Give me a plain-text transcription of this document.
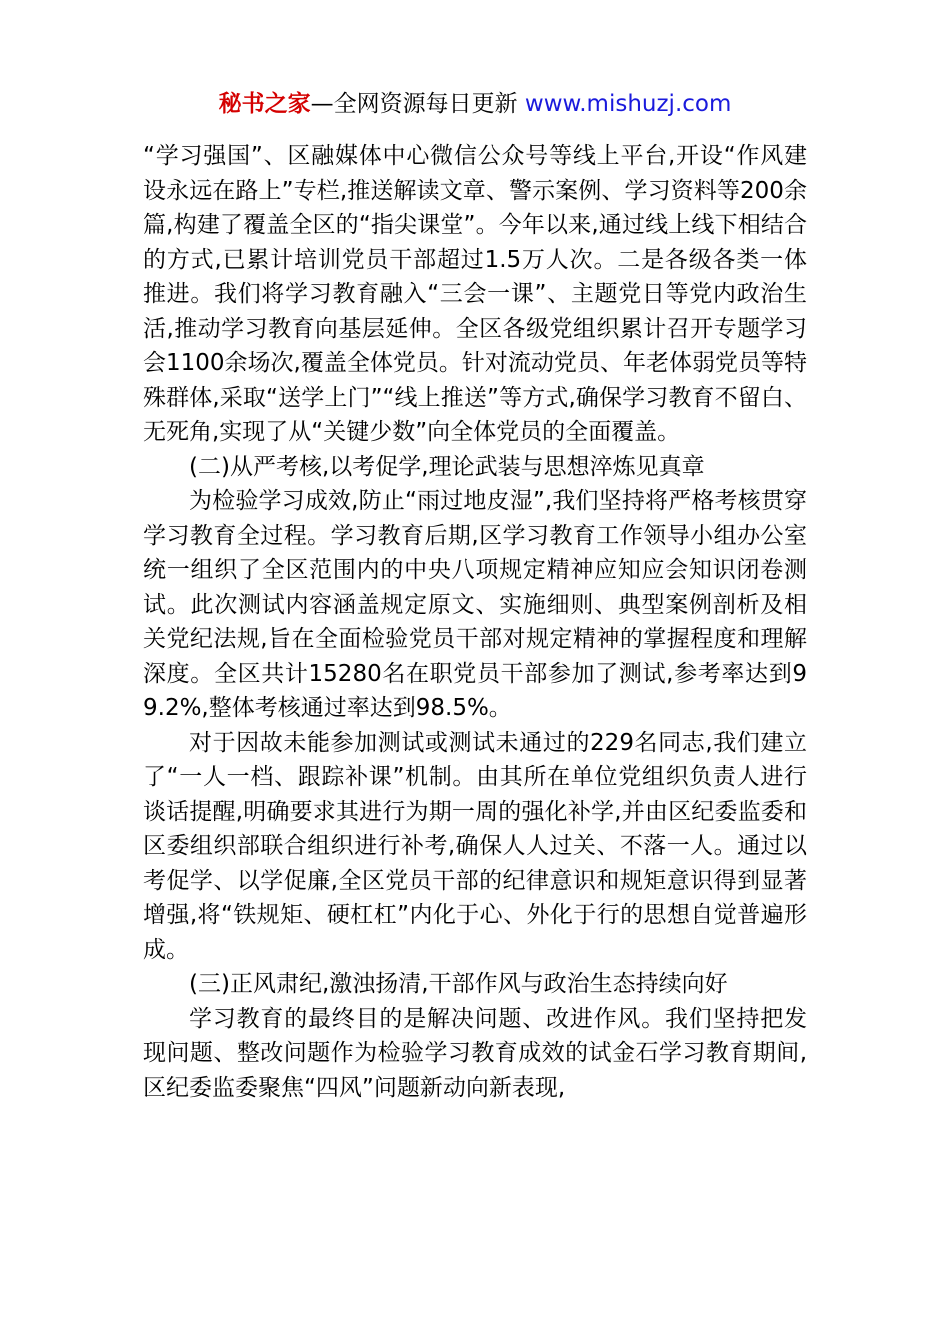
秘书之家—全网资源每日更新 www.mishuzj.com

“学习强国”、区融媒体中心微信公众号等线上平台,开设“作风建设永远在路上”专栏,推送解读文章、警示案例、学习资料等200余篇,构建了覆盖全区的“指尖课堂”。今年以来,通过线上线下相结合的方式,已累计培训党员干部超过1.5万人次。二是各级各类一体推进。我们将学习教育融入“三会一课”、主题党日等党内政治生活,推动学习教育向基层延伸。全区各级党组织累计召开专题学习会1100余场次,覆盖全体党员。针对流动党员、年老体弱党员等特殊群体,采取“送学上门”“线上推送”等方式,确保学习教育不留白、无死角,实现了从“关键少数”向全体党员的全面覆盖。

(二)从严考核,以考促学,理论武装与思想淬炼见真章

为检验学习成效,防止“雨过地皮湿”,我们坚持将严格考核贯穿学习教育全过程。学习教育后期,区学习教育工作领导小组办公室统一组织了全区范围内的中央八项规定精神应知应会知识闭卷测试。此次测试内容涵盖规定原文、实施细则、典型案例剖析及相关党纪法规,旨在全面检验党员干部对规定精神的掌握程度和理解深度。全区共计15280名在职党员干部参加了测试,参考率达到99.2%,整体考核通过率达到98.5%。

对于因故未能参加测试或测试未通过的229名同志,我们建立了“一人一档、跟踪补课”机制。由其所在单位党组织负责人进行谈话提醒,明确要求其进行为期一周的强化补学,并由区纪委监委和区委组织部联合组织进行补考,确保人人过关、不落一人。通过以考促学、以学促廉,全区党员干部的纪律意识和规矩意识得到显著增强,将“铁规矩、硬杠杠”内化于心、外化于行的思想自觉普遍形成。

(三)正风肃纪,激浊扬清,干部作风与政治生态持续向好

学习教育的最终目的是解决问题、改进作风。我们坚持把发现问题、整改问题作为检验学习教育成效的试金石学习教育期间,区纪委监委聚焦“四风”问题新动向新表现,
